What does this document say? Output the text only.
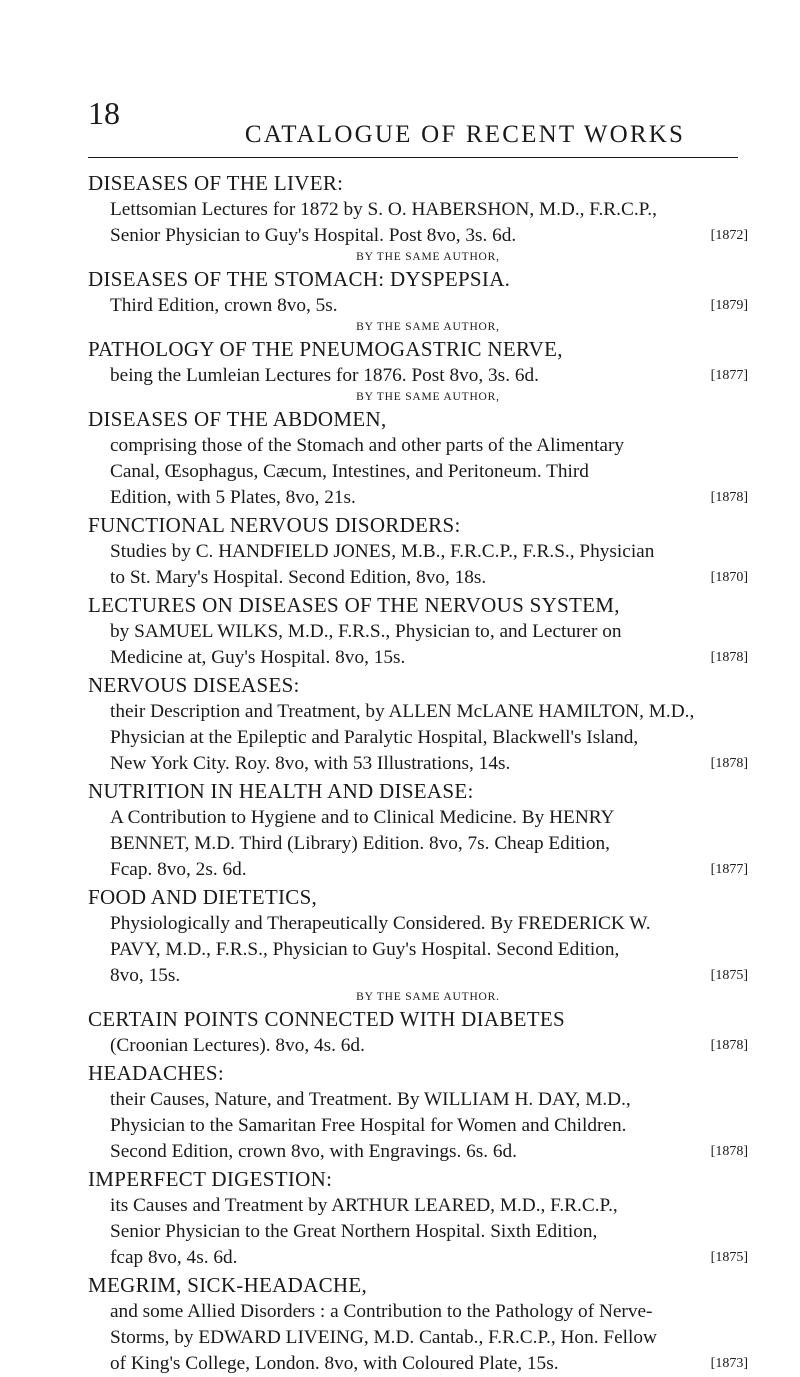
18
CATALOGUE OF RECENT WORKS
DISEASES OF THE LIVER:
Lettsomian Lectures for 1872 by S. O. HABERSHON, M.D., F.R.C.P.,
Senior Physician to Guy's Hospital. Post 8vo, 3s. 6d.	[1872]
BY THE SAME AUTHOR,
DISEASES OF THE STOMACH: DYSPEPSIA.
Third Edition, crown 8vo, 5s.	[1879]
BY THE SAME AUTHOR,
PATHOLOGY OF THE PNEUMOGASTRIC NERVE,
being the Lumleian Lectures for 1876. Post 8vo, 3s. 6d.	[1877]
BY THE SAME AUTHOR,
DISEASES OF THE ABDOMEN,
comprising those of the Stomach and other parts of the Alimentary
Canal, Œsophagus, Cæcum, Intestines, and Peritoneum. Third
Edition, with 5 Plates, 8vo, 21s.	[1878]
FUNCTIONAL NERVOUS DISORDERS:
Studies by C. HANDFIELD JONES, M.B., F.R.C.P., F.R.S., Physician
to St. Mary's Hospital. Second Edition, 8vo, 18s.	[1870]
LECTURES ON DISEASES OF THE NERVOUS SYSTEM,
by SAMUEL WILKS, M.D., F.R.S., Physician to, and Lecturer on
Medicine at, Guy's Hospital. 8vo, 15s.	[1878]
NERVOUS DISEASES:
their Description and Treatment, by ALLEN McLANE HAMILTON, M.D.,
Physician at the Epileptic and Paralytic Hospital, Blackwell's Island,
New York City. Roy. 8vo, with 53 Illustrations, 14s.	[1878]
NUTRITION IN HEALTH AND DISEASE:
A Contribution to Hygiene and to Clinical Medicine. By HENRY
BENNET, M.D. Third (Library) Edition. 8vo, 7s. Cheap Edition,
Fcap. 8vo, 2s. 6d.	[1877]
FOOD AND DIETETICS,
Physiologically and Therapeutically Considered. By FREDERICK W.
PAVY, M.D., F.R.S., Physician to Guy's Hospital. Second Edition,
8vo, 15s.	[1875]
BY THE SAME AUTHOR.
CERTAIN POINTS CONNECTED WITH DIABETES
(Croonian Lectures). 8vo, 4s. 6d.	[1878]
HEADACHES:
their Causes, Nature, and Treatment. By WILLIAM H. DAY, M.D.,
Physician to the Samaritan Free Hospital for Women and Children.
Second Edition, crown 8vo, with Engravings. 6s. 6d.	[1878]
IMPERFECT DIGESTION:
its Causes and Treatment by ARTHUR LEARED, M.D., F.R.C.P.,
Senior Physician to the Great Northern Hospital. Sixth Edition,
fcap 8vo, 4s. 6d.	[1875]
MEGRIM, SICK-HEADACHE,
and some Allied Disorders : a Contribution to the Pathology of Nerve-
Storms, by EDWARD LIVEING, M.D. Cantab., F.R.C.P., Hon. Fellow
of King's College, London. 8vo, with Coloured Plate, 15s.	[1873]
